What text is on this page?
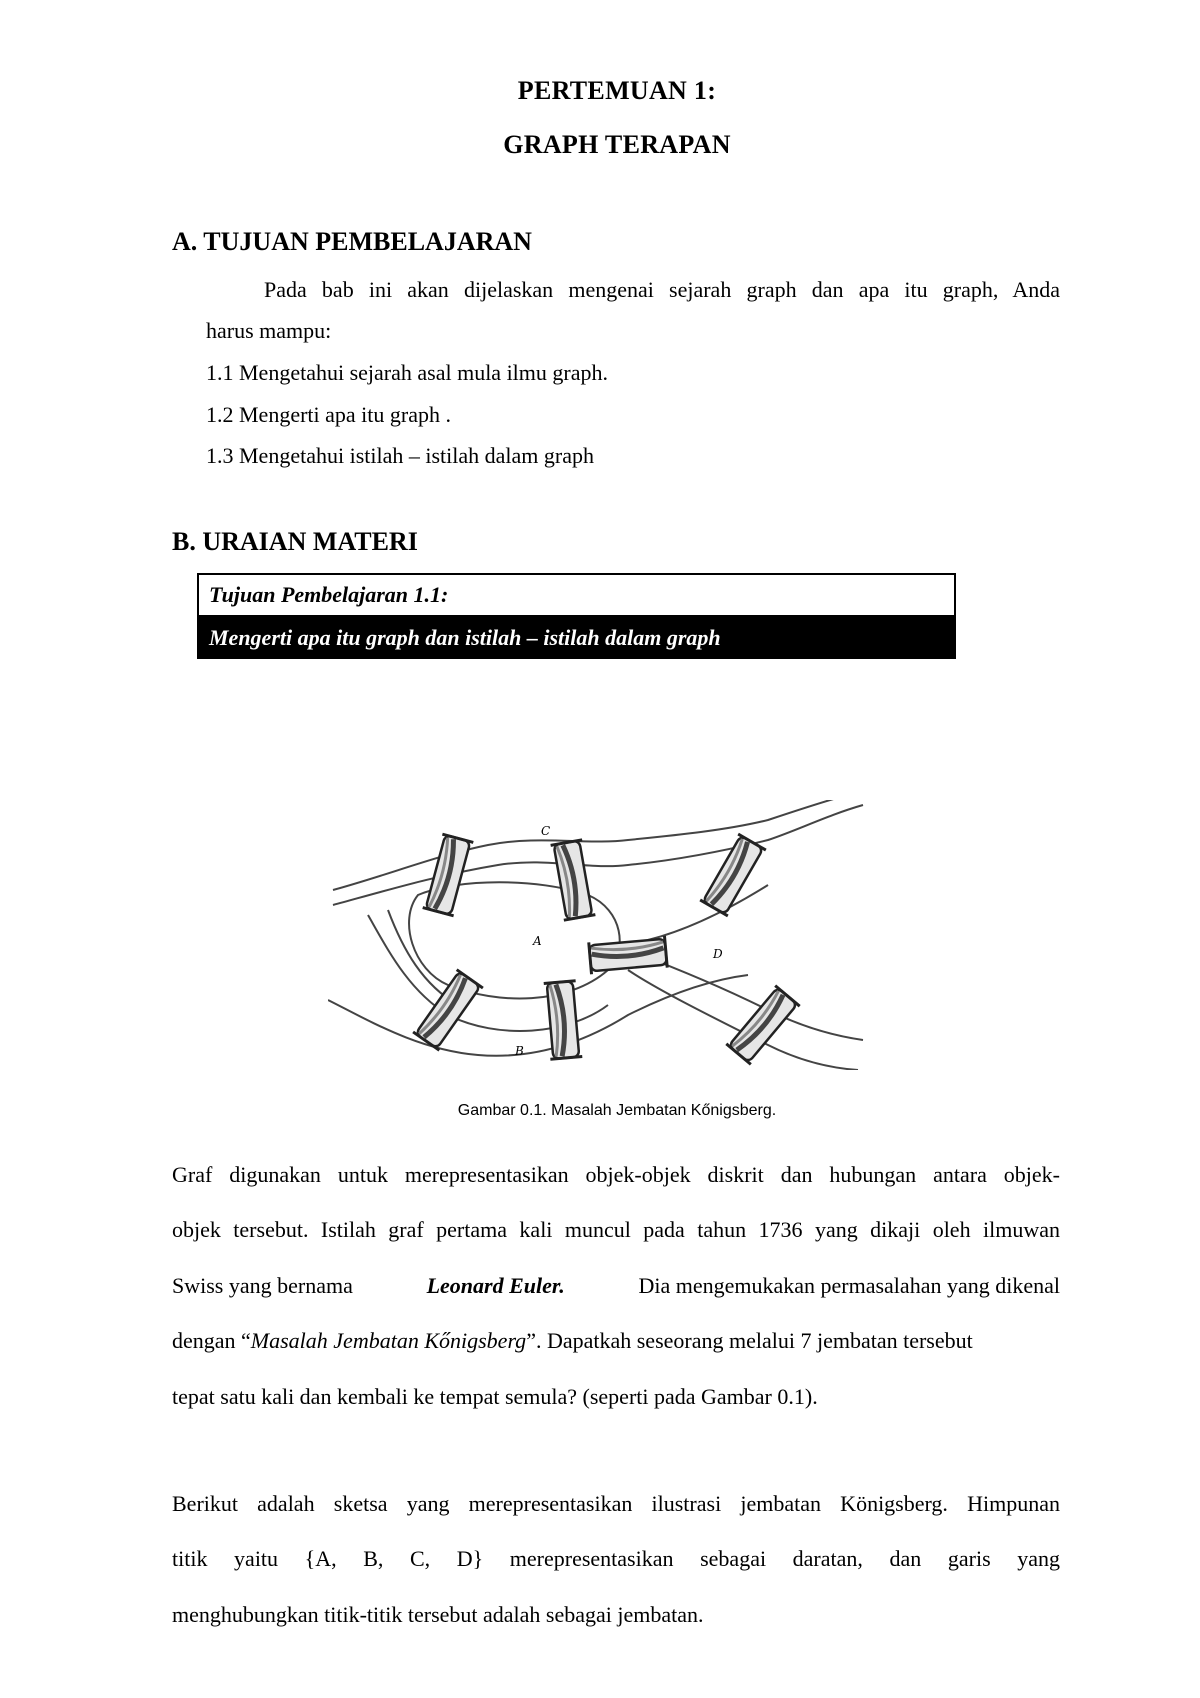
PERTEMUAN 1:
GRAPH TERAPAN
A. TUJUAN PEMBELAJARAN
Pada bab ini akan dijelaskan mengenai sejarah graph dan apa itu graph, Anda
harus mampu:
1.1 Mengetahui sejarah asal mula ilmu graph.
1.2 Mengerti apa itu graph .
1.3 Mengetahui istilah – istilah dalam graph
B. URAIAN MATERI
Tujuan Pembelajaran 1.1:
Mengerti apa itu graph dan istilah – istilah dalam graph
C
A
D
B
Gambar 0.1. Masalah Jembatan Kőnigsberg.
Graf digunakan untuk merepresentasikan objek-objek diskrit dan hubungan antara objek-
objek tersebut. Istilah graf pertama kali muncul pada tahun 1736 yang dikaji oleh ilmuwan
Swiss yang bernama	Leonard Euler.	Dia mengemukakan permasalahan yang dikenal
dengan “Masalah Jembatan Kőnigsberg”. Dapatkah seseorang melalui 7 jembatan tersebut
tepat satu kali dan kembali ke tempat semula? (seperti pada Gambar 0.1).
Berikut adalah sketsa yang merepresentasikan ilustrasi jembatan Königsberg. Himpunan
titik yaitu {A, B, C, D} merepresentasikan sebagai daratan, dan garis yang
menghubungkan titik-titik tersebut adalah sebagai jembatan.
